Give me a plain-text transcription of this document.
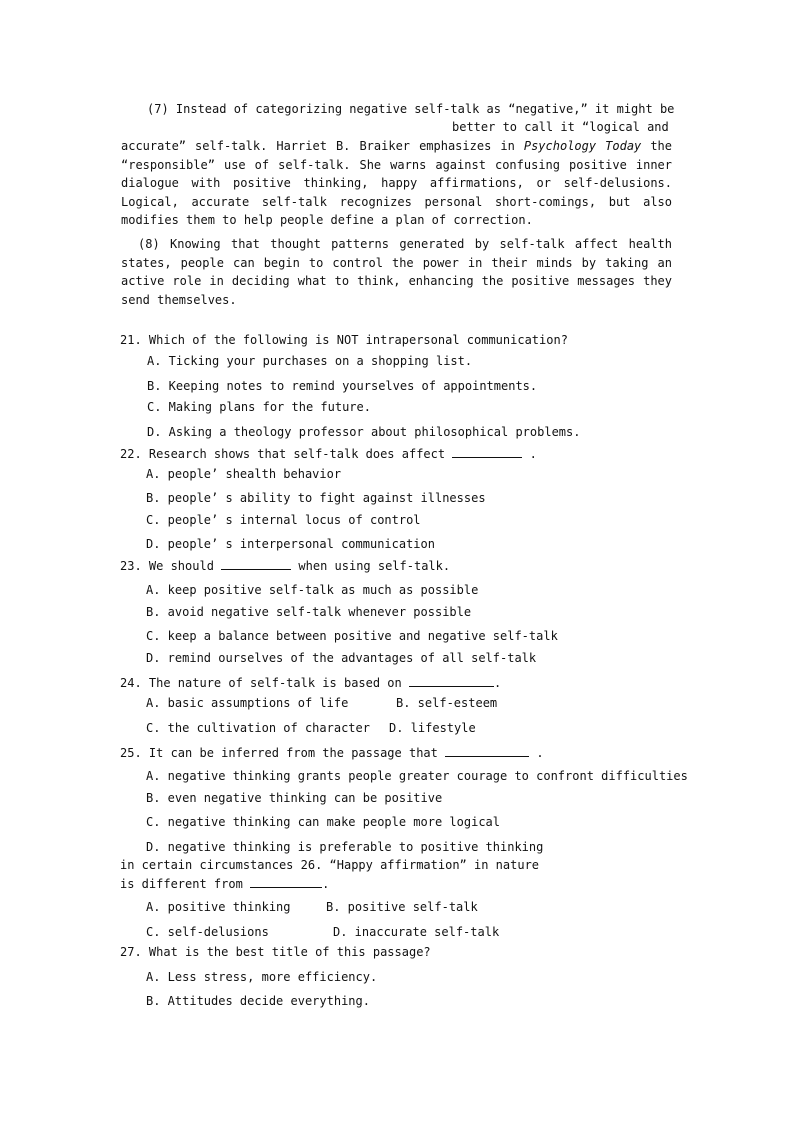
(7) Instead of categorizing negative self-talk as “negative,” it might be
better to call it “logical and

accurate” self-talk. Harriet B. Braiker emphasizes in Psychology Today the “responsible” use of self-talk. She warns against confusing positive inner dialogue with positive thinking, happy affirmations, or self-delusions. Logical, accurate self-talk recognizes personal short-comings, but also modifies them to help people define a plan of correction.

(8) Knowing that thought patterns generated by self-talk affect health states, people can begin to control the power in their minds by taking an active role in deciding what to think, enhancing the positive messages they send themselves.

21. Which of the following is NOT intrapersonal communication?
A. Ticking your purchases on a shopping list.
B. Keeping notes to remind yourselves of appointments.
C. Making plans for the future.
D. Asking a theology professor about philosophical problems.
22. Research shows that self-talk does affect	.
A. people’ shealth behavior
B. people’ s ability to fight against illnesses
C. people’ s internal locus of control
D. people’ s interpersonal communication
23. We should	when using self-talk.
A. keep positive self-talk as much as possible
B. avoid negative self-talk whenever possible
C. keep a balance between positive and negative self-talk
D. remind ourselves of the advantages of all self-talk
24. The nature of self-talk is based on	.
A. basic assumptions of life	B. self-esteem
C. the cultivation of character D. lifestyle
25. It can be inferred from the passage that	.
A. negative thinking grants people greater courage to confront difficulties
B. even negative thinking can be positive
C. negative thinking can make people more logical
D. negative thinking is preferable to positive thinking
in certain circumstances 26. “Happy affirmation” in nature
is different from	.
A. positive thinking	B. positive self-talk
C. self-delusions	D. inaccurate self-talk
27. What is the best title of this passage?
A. Less stress, more efficiency.
B. Attitudes decide everything.
